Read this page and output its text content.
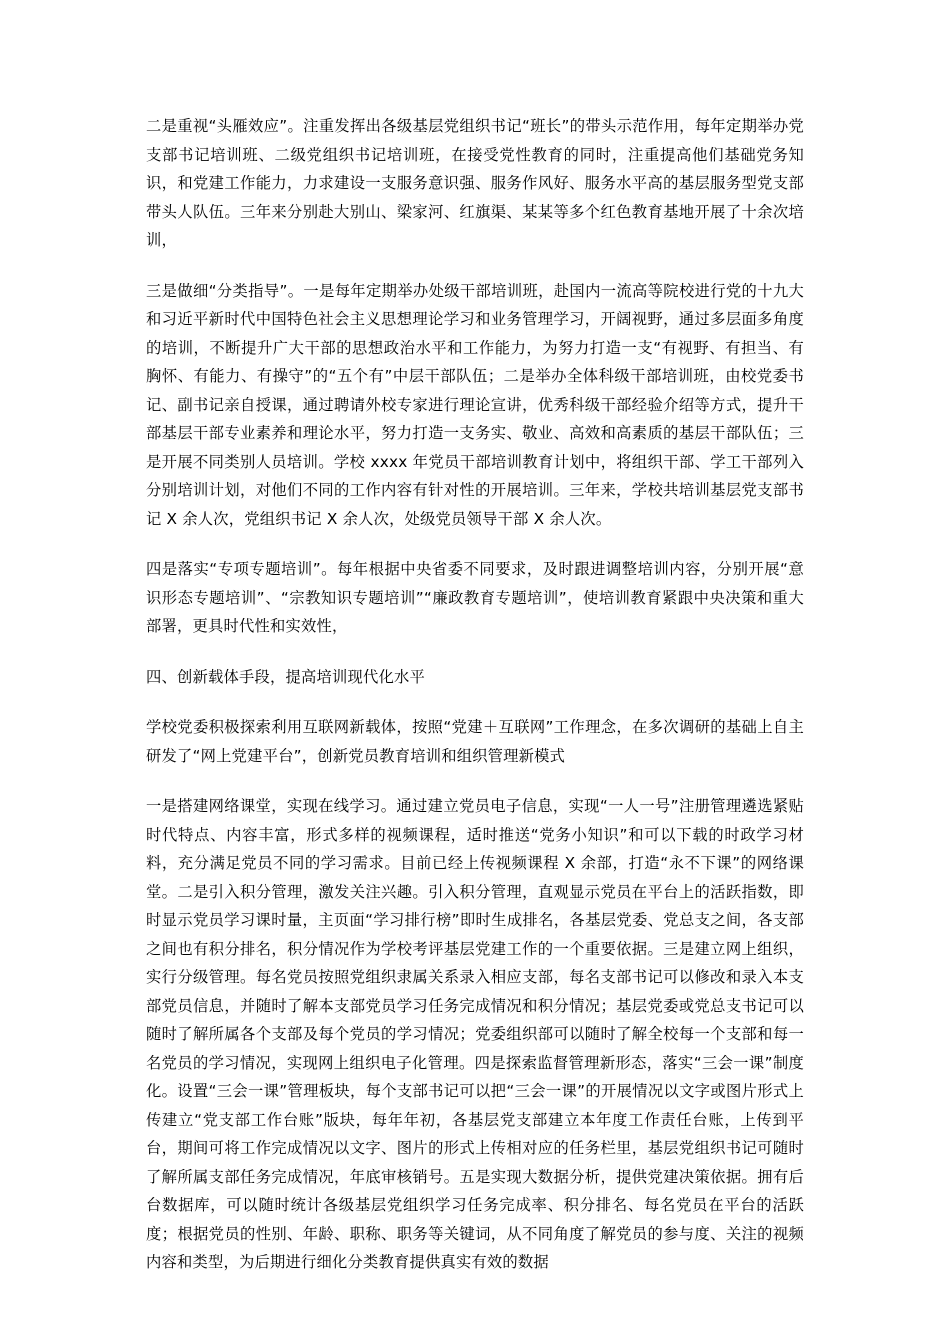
二是重视“头雁效应”。注重发挥出各级基层党组织书记“班长”的带头示范作用，每年定期举办党支部书记培训班、二级党组织书记培训班，在接受党性教育的同时，注重提高他们基础党务知识，和党建工作能力，力求建设一支服务意识强、服务作风好、服务水平高的基层服务型党支部带头人队伍。三年来分别赴大别山、梁家河、红旗渠、某某等多个红色教育基地开展了十余次培训，

三是做细“分类指导”。一是每年定期举办处级干部培训班，赴国内一流高等院校进行党的十九大和习近平新时代中国特色社会主义思想理论学习和业务管理学习，开阔视野，通过多层面多角度的培训，不断提升广大干部的思想政治水平和工作能力，为努力打造一支“有视野、有担当、有胸怀、有能力、有操守”的“五个有”中层干部队伍；二是举办全体科级干部培训班，由校党委书记、副书记亲自授课，通过聘请外校专家进行理论宣讲，优秀科级干部经验介绍等方式，提升干部基层干部专业素养和理论水平，努力打造一支务实、敬业、高效和高素质的基层干部队伍；三是开展不同类别人员培训。学校 xxxx 年党员干部培训教育计划中，将组织干部、学工干部列入分别培训计划，对他们不同的工作内容有针对性的开展培训。三年来，学校共培训基层党支部书记 X 余人次，党组织书记 X 余人次，处级党员领导干部 X 余人次。

四是落实“专项专题培训”。每年根据中央省委不同要求，及时跟进调整培训内容，分别开展“意识形态专题培训”、“宗教知识专题培训”“廉政教育专题培训”，使培训教育紧跟中央决策和重大部署，更具时代性和实效性，

四、创新载体手段，提高培训现代化水平

学校党委积极探索利用互联网新载体，按照“党建＋互联网”工作理念，在多次调研的基础上自主研发了“网上党建平台”，创新党员教育培训和组织管理新模式

一是搭建网络课堂，实现在线学习。通过建立党员电子信息，实现“一人一号”注册管理遴选紧贴时代特点、内容丰富，形式多样的视频课程，适时推送“党务小知识”和可以下载的时政学习材料，充分满足党员不同的学习需求。目前已经上传视频课程 X 余部，打造“永不下课”的网络课堂。二是引入积分管理，激发关注兴趣。引入积分管理，直观显示党员在平台上的活跃指数，即时显示党员学习课时量，主页面“学习排行榜”即时生成排名，各基层党委、党总支之间，各支部之间也有积分排名，积分情况作为学校考评基层党建工作的一个重要依据。三是建立网上组织，实行分级管理。每名党员按照党组织隶属关系录入相应支部，每名支部书记可以修改和录入本支部党员信息，并随时了解本支部党员学习任务完成情况和积分情况；基层党委或党总支书记可以随时了解所属各个支部及每个党员的学习情况；党委组织部可以随时了解全校每一个支部和每一名党员的学习情况，实现网上组织电子化管理。四是探索监督管理新形态，落实“三会一课”制度化。设置“三会一课”管理板块，每个支部书记可以把“三会一课”的开展情况以文字或图片形式上传建立“党支部工作台账”版块，每年年初，各基层党支部建立本年度工作责任台账，上传到平台，期间可将工作完成情况以文字、图片的形式上传相对应的任务栏里，基层党组织书记可随时了解所属支部任务完成情况，年底审核销号。五是实现大数据分析，提供党建决策依据。拥有后台数据库，可以随时统计各级基层党组织学习任务完成率、积分排名、每名党员在平台的活跃度；根据党员的性别、年龄、职称、职务等关键词，从不同角度了解党员的参与度、关注的视频内容和类型，为后期进行细化分类教育提供真实有效的数据
